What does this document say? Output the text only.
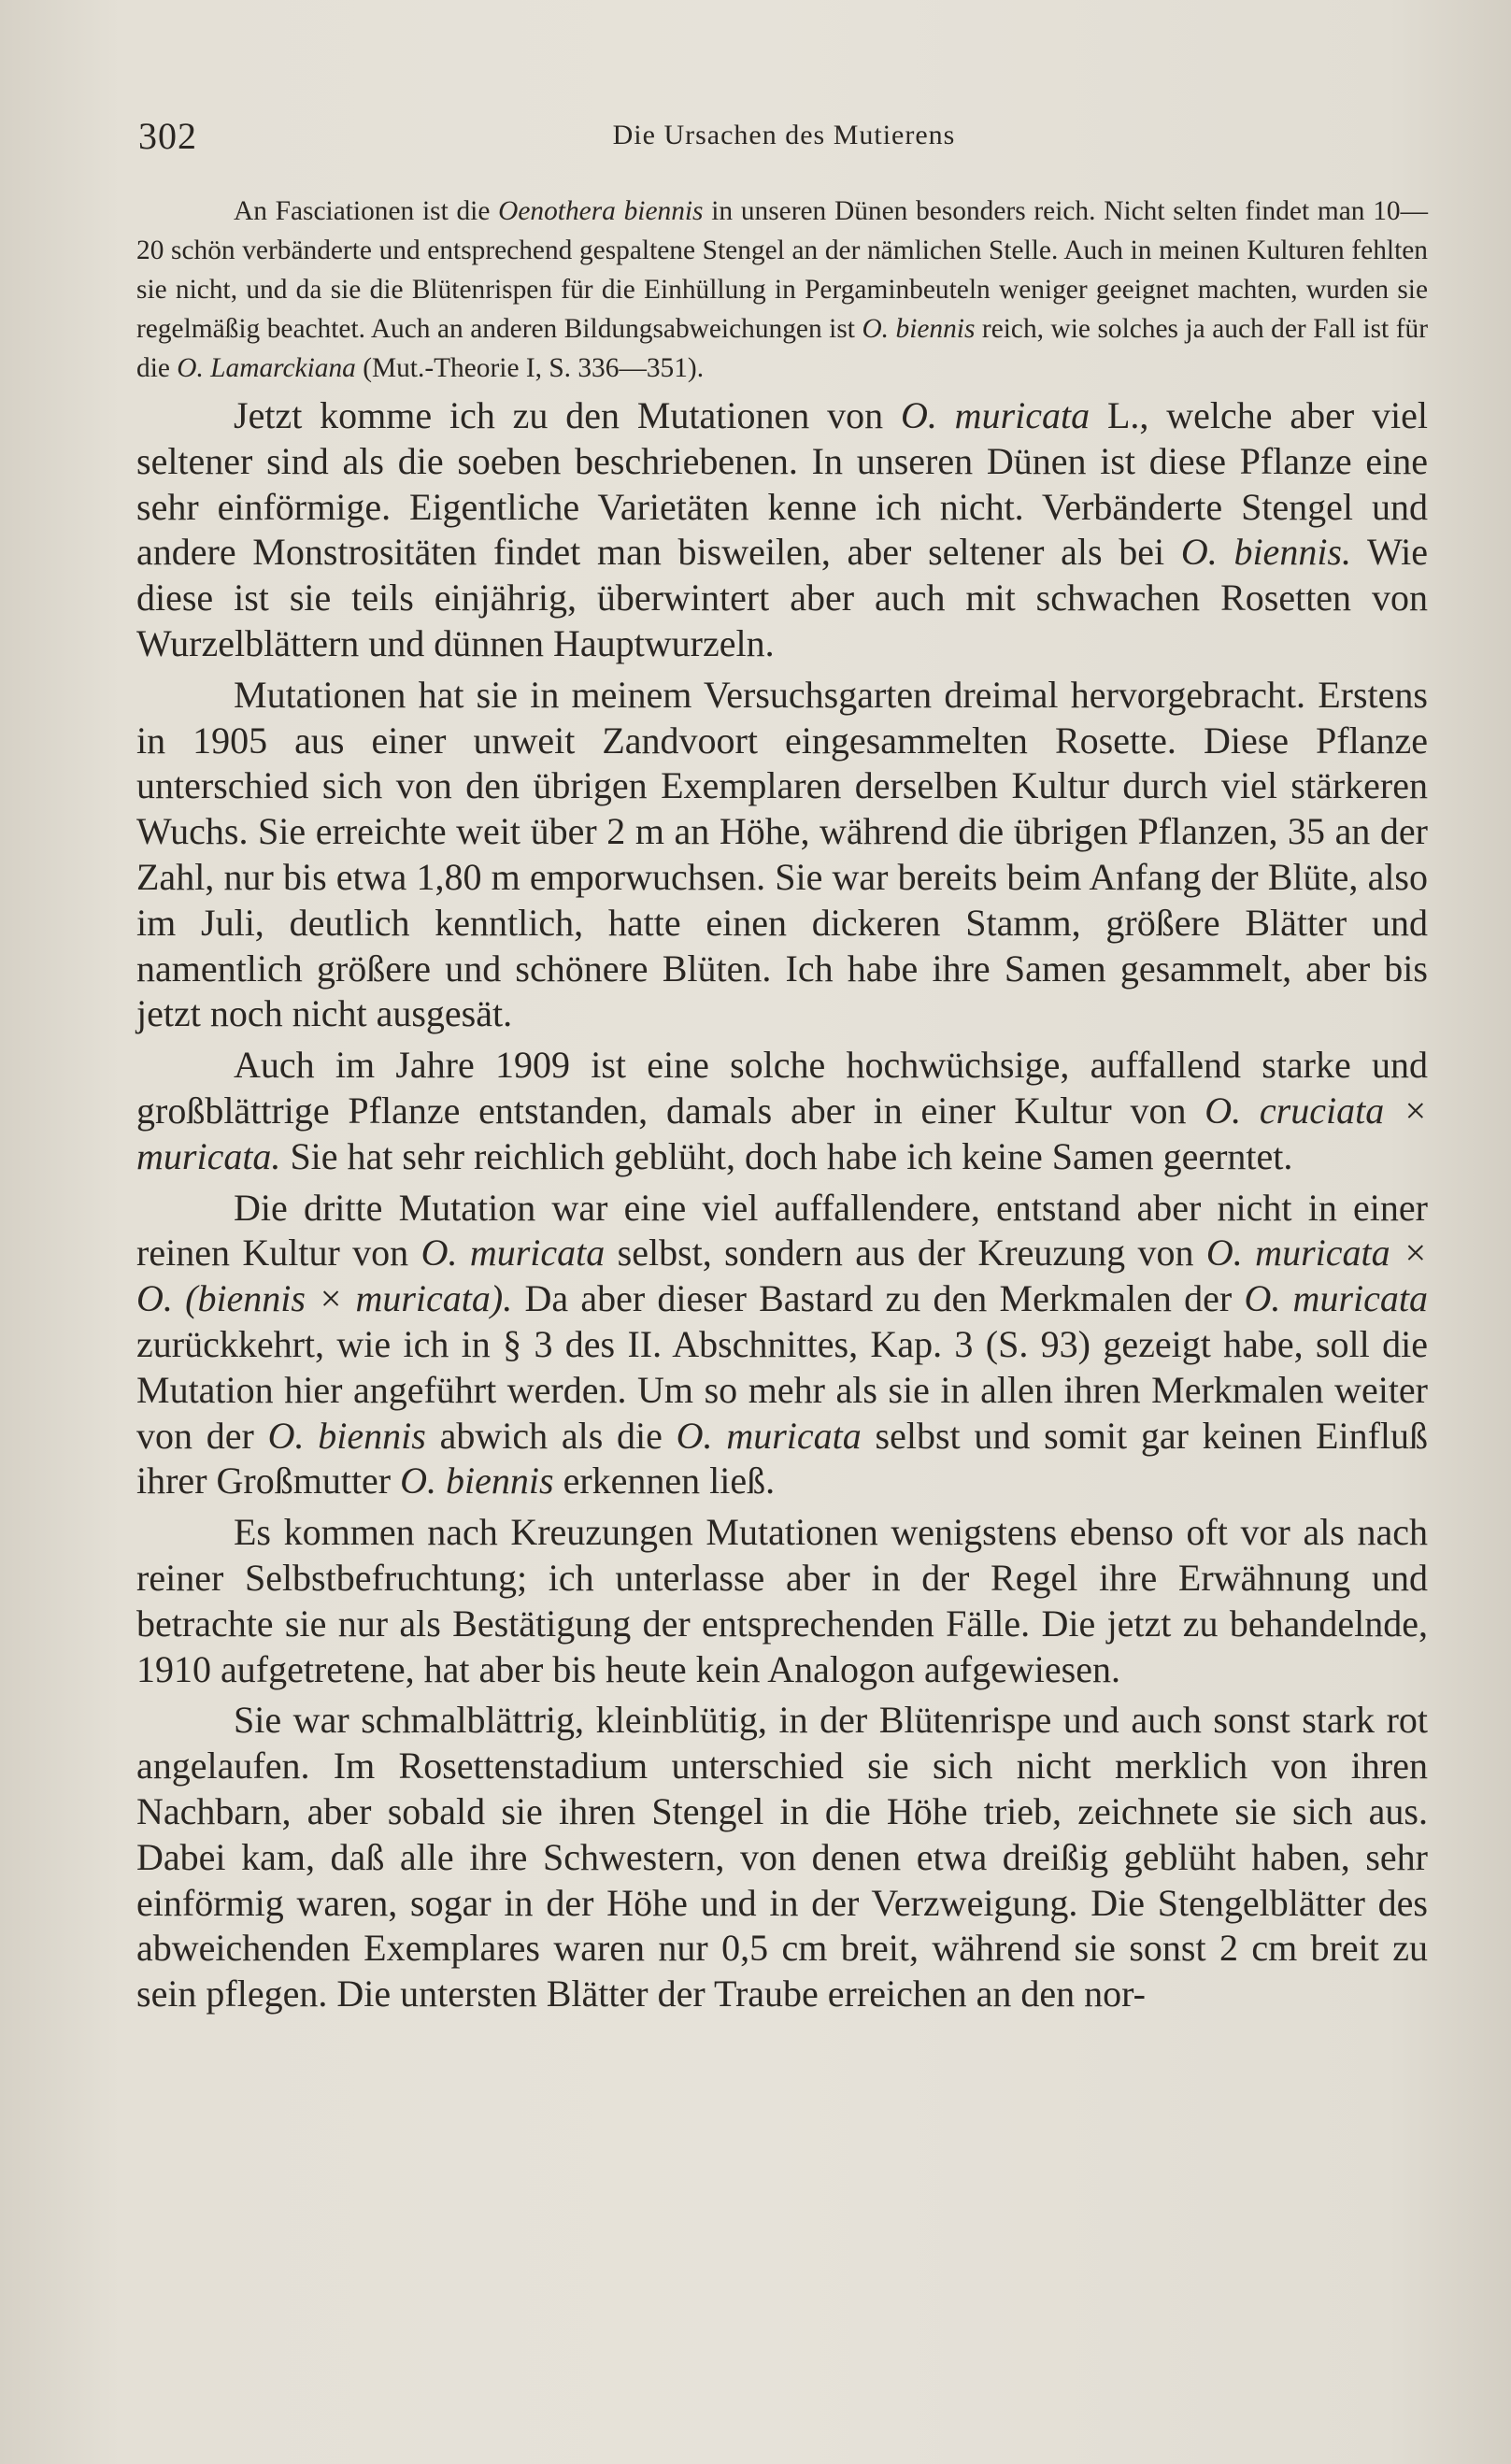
302	Die Ursachen des Mutierens

An Fasciationen ist die Oenothera biennis in unseren Dünen besonders reich. Nicht selten findet man 10—20 schön verbänderte und entsprechend gespaltene Stengel an der nämlichen Stelle. Auch in meinen Kulturen fehlten sie nicht, und da sie die Blütenrispen für die Einhüllung in Pergaminbeuteln weniger geeignet machten, wurden sie regelmäßig beachtet. Auch an anderen Bildungsabweichungen ist O. biennis reich, wie solches ja auch der Fall ist für die O. Lamarckiana (Mut.-Theorie I, S. 336—351).

Jetzt komme ich zu den Mutationen von O. muricata L., welche aber viel seltener sind als die soeben beschriebenen. In unseren Dünen ist diese Pflanze eine sehr einförmige. Eigentliche Varietäten kenne ich nicht. Verbänderte Stengel und andere Monstrositäten findet man bisweilen, aber seltener als bei O. biennis. Wie diese ist sie teils einjährig, überwintert aber auch mit schwachen Rosetten von Wurzelblättern und dünnen Hauptwurzeln.

Mutationen hat sie in meinem Versuchsgarten dreimal hervorgebracht. Erstens in 1905 aus einer unweit Zandvoort eingesammelten Rosette. Diese Pflanze unterschied sich von den übrigen Exemplaren derselben Kultur durch viel stärkeren Wuchs. Sie erreichte weit über 2 m an Höhe, während die übrigen Pflanzen, 35 an der Zahl, nur bis etwa 1,80 m emporwuchsen. Sie war bereits beim Anfang der Blüte, also im Juli, deutlich kenntlich, hatte einen dickeren Stamm, größere Blätter und namentlich größere und schönere Blüten. Ich habe ihre Samen gesammelt, aber bis jetzt noch nicht ausgesät.

Auch im Jahre 1909 ist eine solche hochwüchsige, auffallend starke und großblättrige Pflanze entstanden, damals aber in einer Kultur von O. cruciata × muricata. Sie hat sehr reichlich geblüht, doch habe ich keine Samen geerntet.

Die dritte Mutation war eine viel auffallendere, entstand aber nicht in einer reinen Kultur von O. muricata selbst, sondern aus der Kreuzung von O. muricata × O. (biennis × muricata). Da aber dieser Bastard zu den Merkmalen der O. muricata zurückkehrt, wie ich in § 3 des II. Abschnittes, Kap. 3 (S. 93) gezeigt habe, soll die Mutation hier angeführt werden. Um so mehr als sie in allen ihren Merkmalen weiter von der O. biennis abwich als die O. muricata selbst und somit gar keinen Einfluß ihrer Großmutter O. biennis erkennen ließ.

Es kommen nach Kreuzungen Mutationen wenigstens ebenso oft vor als nach reiner Selbstbefruchtung; ich unterlasse aber in der Regel ihre Erwähnung und betrachte sie nur als Bestätigung der entsprechenden Fälle. Die jetzt zu behandelnde, 1910 aufgetretene, hat aber bis heute kein Analogon aufgewiesen.

Sie war schmalblättrig, kleinblütig, in der Blütenrispe und auch sonst stark rot angelaufen. Im Rosettenstadium unterschied sie sich nicht merklich von ihren Nachbarn, aber sobald sie ihren Stengel in die Höhe trieb, zeichnete sie sich aus. Dabei kam, daß alle ihre Schwestern, von denen etwa dreißig geblüht haben, sehr einförmig waren, sogar in der Höhe und in der Verzweigung. Die Stengelblätter des abweichenden Exemplares waren nur 0,5 cm breit, während sie sonst 2 cm breit zu sein pflegen. Die untersten Blätter der Traube erreichen an den nor-
